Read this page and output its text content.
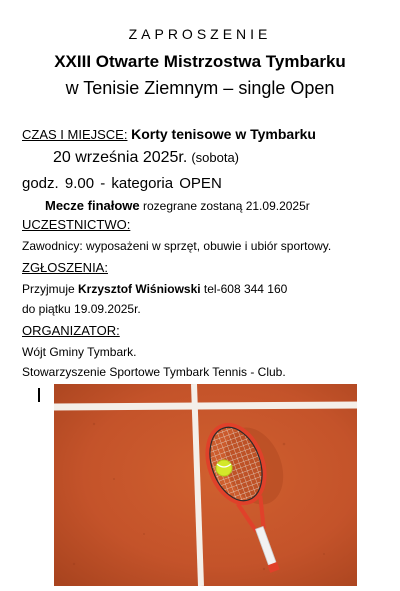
ZAPROSZENIE
XXIII Otwarte Mistrzostwa Tymbarku
w Tenisie Ziemnym – single Open
CZAS I MIEJSCE: Korty tenisowe w Tymbarku
20 września 2025r. (sobota)
godz. 9.00 - kategoria OPEN
Mecze finałowe rozegrane zostaną 21.09.2025r
UCZESTNICTWO:
Zawodnicy: wyposażeni w sprzęt, obuwie i ubiór sportowy.
ZGŁOSZENIA:
Przyjmuje Krzysztof Wiśniowski tel-608 344 160
do piątku 19.09.2025r.
ORGANIZATOR:
Wójt Gminy Tymbark.
Stowarzyszenie Sportowe Tymbark Tennis - Club.
